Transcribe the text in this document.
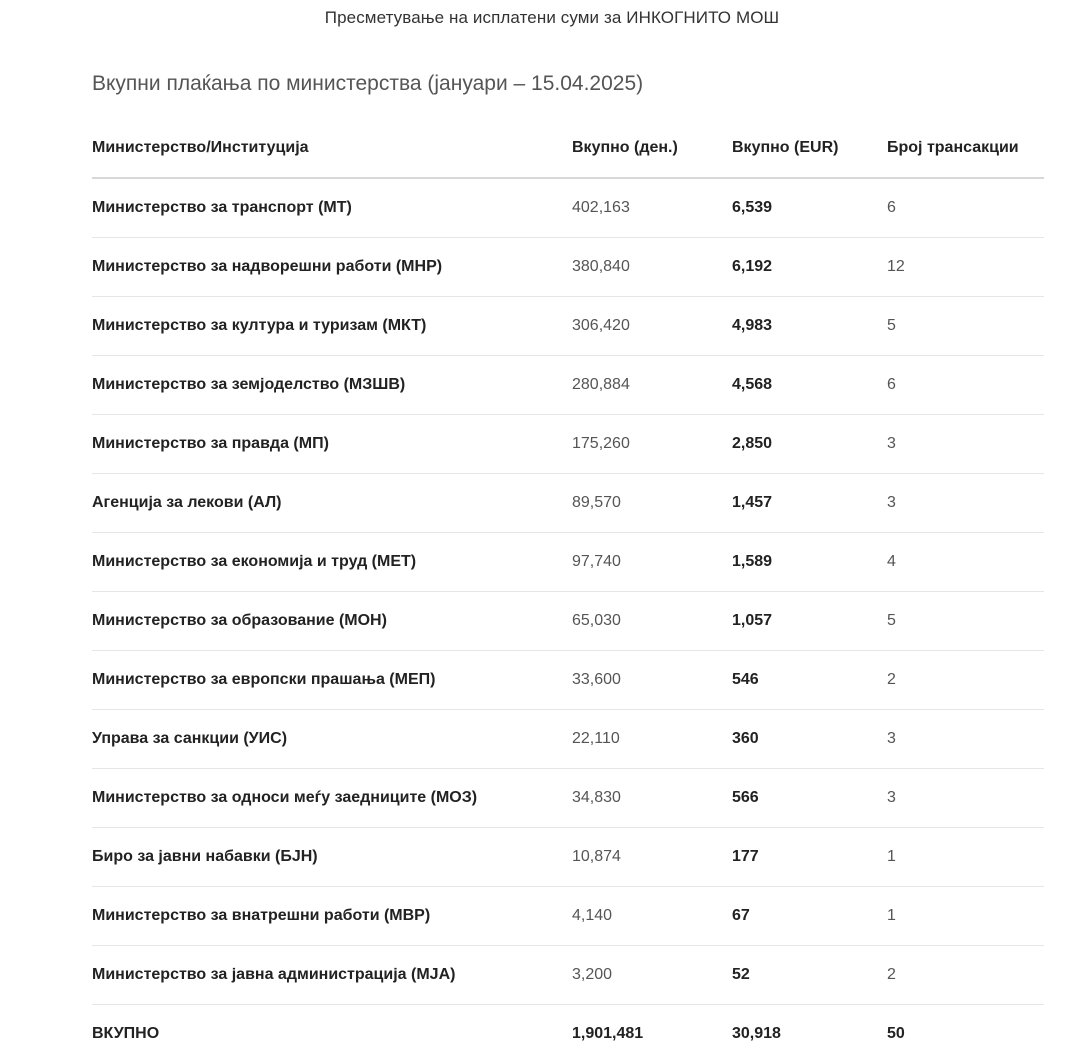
Пресметување на исплатени суми за ИНКОГНИТО МОШ
Вкупни плаќања по министерства (јануари – 15.04.2025)
Министерство/Институција	Вкупно (ден.)	Вкупно (EUR)	Број трансакции
Министерство за транспорт (МТ)	402,163	6,539	6
Министерство за надворешни работи (МНР)	380,840	6,192	12
Министерство за култура и туризам (МКТ)	306,420	4,983	5
Министерство за земјоделство (МЗШВ)	280,884	4,568	6
Министерство за правда (МП)	175,260	2,850	3
Агенција за лекови (АЛ)	89,570	1,457	3
Министерство за економија и труд (МЕТ)	97,740	1,589	4
Министерство за образование (МОН)	65,030	1,057	5
Министерство за европски прашања (МЕП)	33,600	546	2
Управа за санкции (УИС)	22,110	360	3
Министерство за односи меѓу заедниците (МОЗ)	34,830	566	3
Биро за јавни набавки (БЈН)	10,874	177	1
Министерство за внатрешни работи (МВР)	4,140	67	1
Министерство за јавна администрација (МЈА)	3,200	52	2
ВКУПНО	1,901,481	30,918	50
